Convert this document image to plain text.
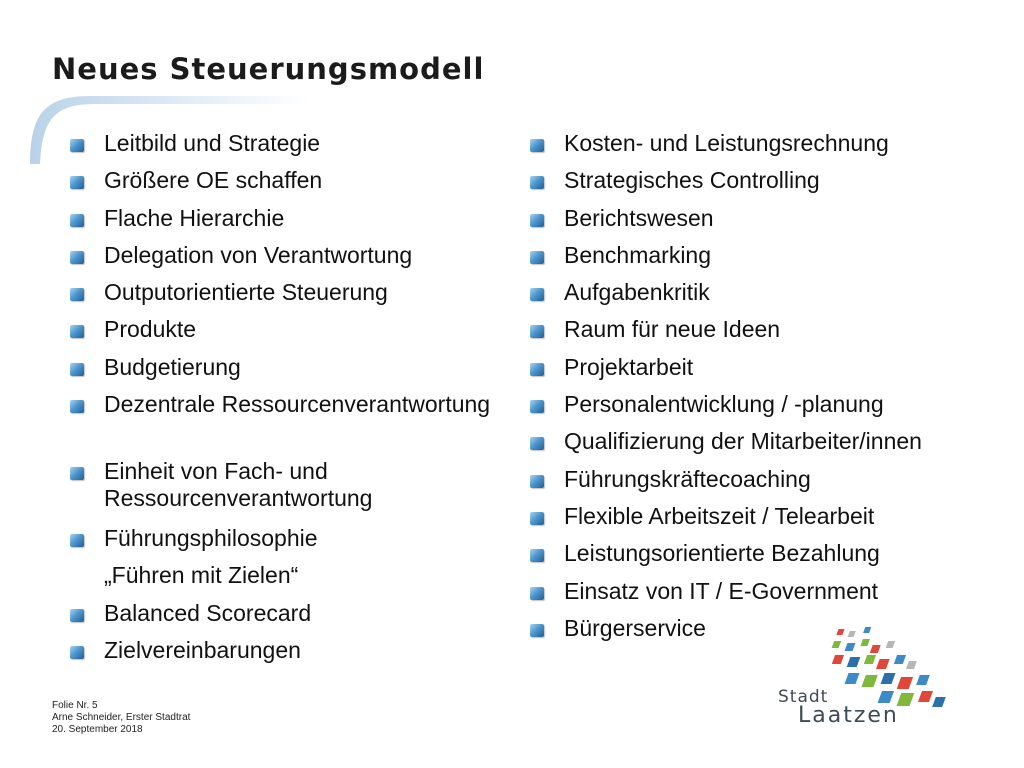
Neues Steuerungsmodell
Leitbild und Strategie
Größere OE schaffen
Flache Hierarchie
Delegation von Verantwortung
Outputorientierte Steuerung
Produkte
Budgetierung
Dezentrale Ressourcenverantwortung
Einheit von Fach- und Ressourcenverantwortung
Führungsphilosophie
„Führen mit Zielen“
Balanced Scorecard
Zielvereinbarungen
Kosten- und Leistungsrechnung
Strategisches Controlling
Berichtswesen
Benchmarking
Aufgabenkritik
Raum für neue Ideen
Projektarbeit
Personalentwicklung / -planung
Qualifizierung der Mitarbeiter/innen
Führungskräftecoaching
Flexible Arbeitszeit / Telearbeit
Leistungsorientierte Bezahlung
Einsatz von IT / E-Government
Bürgerservice
Folie Nr. 5
Arne Schneider, Erster Stadtrat
20. September 2018
Stadt
Laatzen
